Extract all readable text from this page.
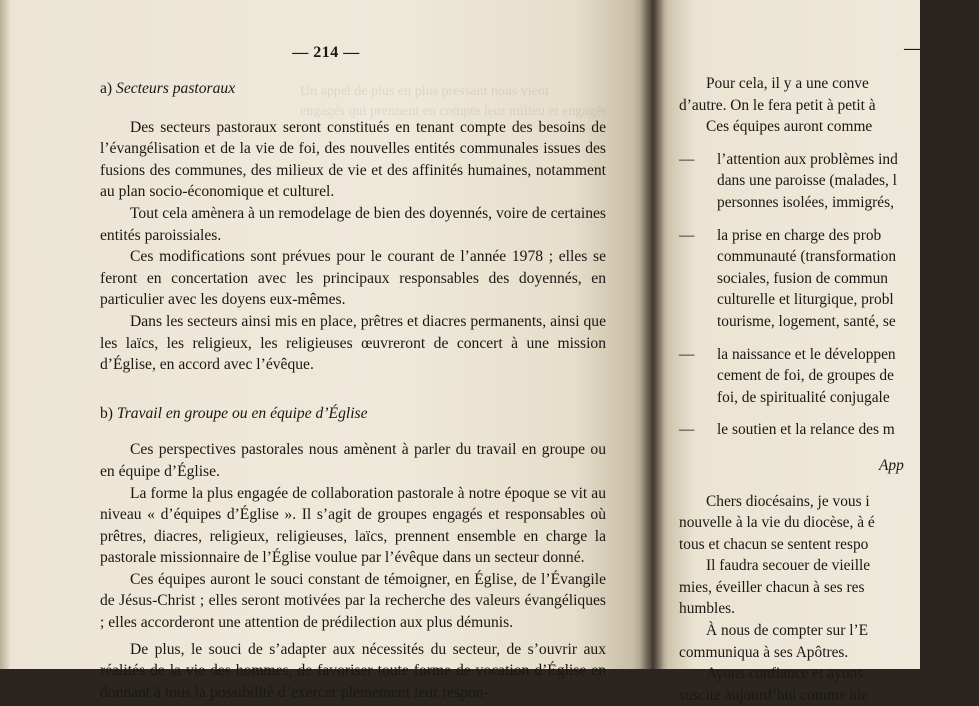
Un appel de plus en plus pressant nous vient
engagés qui prennent en compte leur milieu et engagés
— 214 —

a) Secteurs pastoraux

Des secteurs pastoraux seront constitués en tenant compte des besoins de l’évangélisation et de la vie de foi, des nouvelles entités communales issues des fusions des communes, des milieux de vie et des affinités humaines, notamment au plan socio-économique et culturel.

Tout cela amènera à un remodelage de bien des doyennés, voire de certaines entités paroissiales.

Ces modifications sont prévues pour le courant de l’année 1978 ; elles se feront en concertation avec les principaux responsables des doyennés, en particulier avec les doyens eux-mêmes.

Dans les secteurs ainsi mis en place, prêtres et diacres permanents, ainsi que les laïcs, les religieux, les religieuses œuvreront de concert à une mission d’Église, en accord avec l’évêque.

b) Travail en groupe ou en équipe d’Église

Ces perspectives pastorales nous amènent à parler du travail en groupe ou en équipe d’Église.

La forme la plus engagée de collaboration pastorale à notre époque se vit au niveau « d’équipes d’Église ». Il s’agit de groupes engagés et responsables où prêtres, diacres, religieux, religieuses, laïcs, prennent ensemble en charge la pastorale missionnaire de l’Église voulue par l’évêque dans un secteur donné.

Ces équipes auront le souci constant de témoigner, en Église, de l’Évangile de Jésus-Christ ; elles seront motivées par la recherche des valeurs évangéliques ; elles accorderont une attention de prédilection aux plus démunis.

De plus, le souci de s’adapter aux nécessités du secteur, de s’ouvrir aux réalités de la vie des hommes, de favoriser toute forme de vocation d’Église en donnant à tous la possibilité d’exercer pleinement leur respon-

—

Pour cela, il y a une conve

d’autre. On le fera petit à petit à

Ces équipes auront comme

— l’attention aux problèmes ind
dans une paroisse (malades, l
personnes isolées, immigrés,
— la prise en charge des prob
communauté (transformation
sociales, fusion de commun
culturelle et liturgique, probl
tourisme, logement, santé, se
— la naissance et le développen
cement de foi, de groupes de
foi, de spiritualité conjugale
— le soutien et la relance des m

App

Chers diocésains, je vous i

nouvelle à la vie du diocèse, à é

tous et chacun se sentent respo

Il faudra secouer de vieille

mies, éveiller chacun à ses res

humbles.

À nous de compter sur l’E

communiqua à ses Apôtres.

Ayons confiance et ayons

suscite aujourd’hui comme hie
